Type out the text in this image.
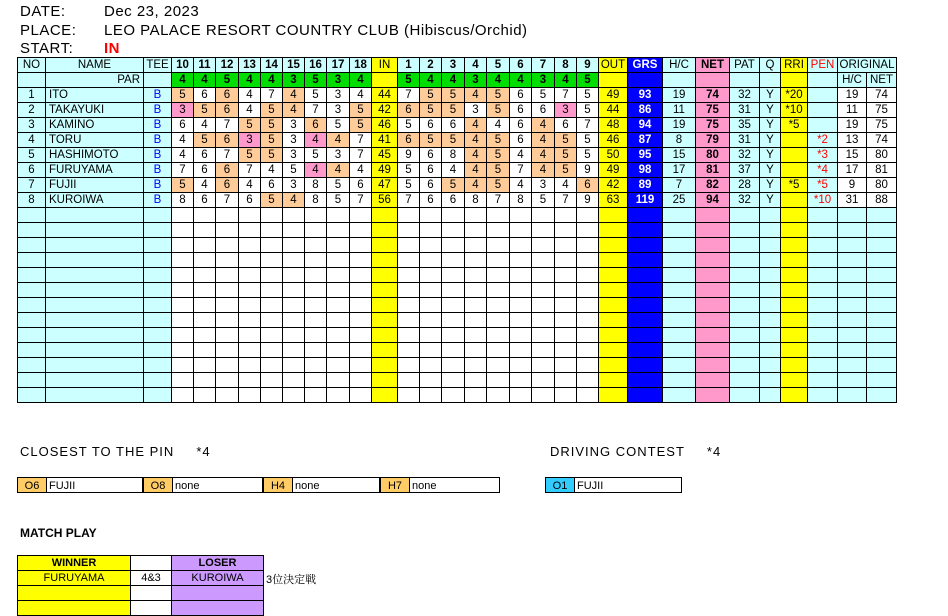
DATE:	Dec 23, 2023
PLACE: LEO PALACE RESORT COUNTRY CLUB (Hibiscus/Orchid)
START: IN
NO	NAME	TEE	10	11	12	13	14	15	16	17	18	IN	1	2	3	4	5	6	7	8	9	OUT	GRS	H/C	NET	PAT	Q	RRI	PEN	ORIGINAL	
	PAR		4	4	5	4	4	3	5	3	4		5	4	4	3	4	4	3	4	5									H/C	NET
1	ITO	B	5	6	6	4	7	4	5	3	4	44	7	5	5	4	5	6	5	7	5	49	93	19	74	32	Y	*20		19	74
2	TAKAYUKI	B	3	5	6	4	5	4	7	3	5	42	6	5	5	3	5	6	6	3	5	44	86	11	75	31	Y	*10		11	75
3	KAMINO	B	6	4	7	5	5	3	6	5	5	46	5	6	6	4	4	6	4	6	7	48	94	19	75	35	Y	*5		19	75
4	TORU	B	4	5	6	3	5	3	4	4	7	41	6	5	5	4	5	6	4	5	5	46	87	8	79	31	Y		*2	13	74
5	HASHIMOTO	B	4	6	7	5	5	3	5	3	7	45	9	6	8	4	5	4	4	5	5	50	95	15	80	32	Y		*3	15	80
6	FURUYAMA	B	7	6	6	7	4	5	4	4	4	49	5	6	4	4	5	7	4	5	9	49	98	17	81	37	Y		*4	17	81
7	FUJII	B	5	4	6	4	6	3	8	5	6	47	5	6	5	4	5	4	3	4	6	42	89	7	82	28	Y	*5	*5	9	80
8	KUROIWA	B	8	6	7	6	5	4	8	5	7	56	7	6	6	8	7	8	5	7	9	63	119	25	94	32	Y		*10	31	88

CLOSEST TO THE PIN *4	DRIVING CONTEST *4
O6 FUJII	O8 none	H4 none	H7 none	O1 FUJII
MATCH PLAY
WINNER		LOSER
FURUYAMA	4&3	KUROIWA

		3位決定戦
